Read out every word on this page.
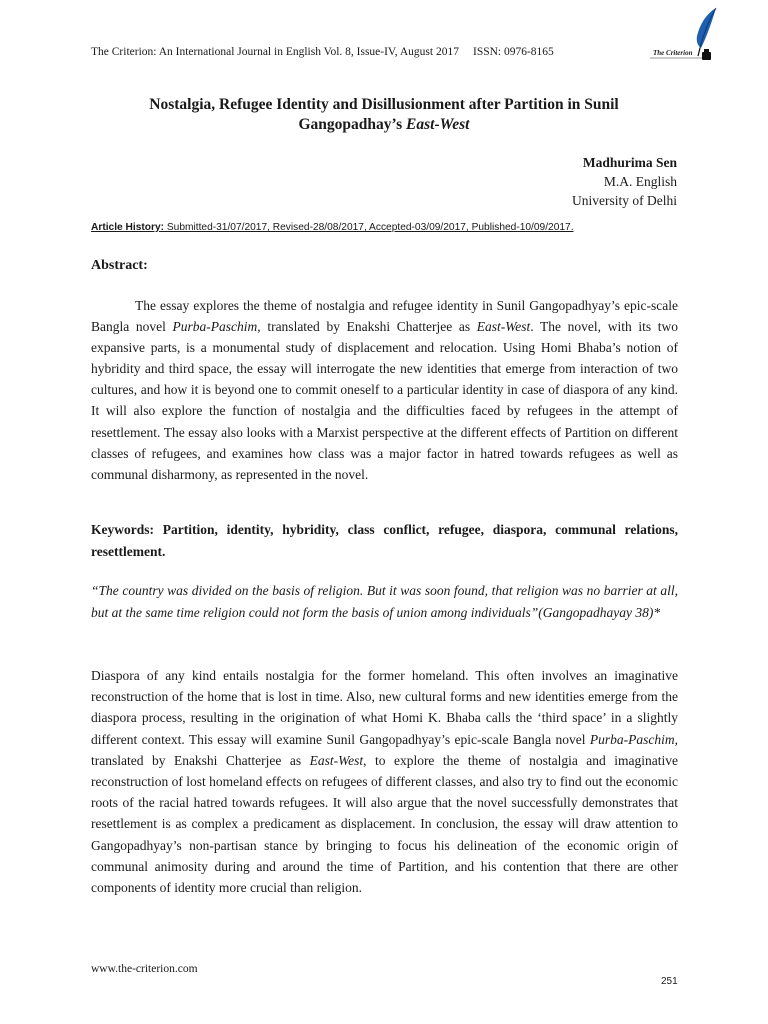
The Criterion: An International Journal in English Vol. 8, Issue-IV, August 2017 ISSN: 0976-8165	The Criterion
Nostalgia, Refugee Identity and Disillusionment after Partition in Sunil
Gangopadhay’s East-West
Madhurima Sen
M.A. English
University of Delhi
Article History: Submitted-31/07/2017, Revised-28/08/2017, Accepted-03/09/2017, Published-10/09/2017.
Abstract:

The essay explores the theme of nostalgia and refugee identity in Sunil Gangopadhyay’s epic-scale Bangla novel Purba-Paschim, translated by Enakshi Chatterjee as East-West. The novel, with its two expansive parts, is a monumental study of displacement and relocation. Using Homi Bhaba’s notion of hybridity and third space, the essay will interrogate the new identities that emerge from interaction of two cultures, and how it is beyond one to commit oneself to a particular identity in case of diaspora of any kind. It will also explore the function of nostalgia and the difficulties faced by refugees in the attempt of resettlement. The essay also looks with a Marxist perspective at the different effects of Partition on different classes of refugees, and examines how class was a major factor in hatred towards refugees as well as communal disharmony, as represented in the novel.

Keywords: Partition, identity, hybridity, class conflict, refugee, diaspora, communal relations, resettlement.

“The country was divided on the basis of religion. But it was soon found, that religion was no barrier at all, but at the same time religion could not form the basis of union among individuals”(Gangopadhayay 38)*

Diaspora of any kind entails nostalgia for the former homeland. This often involves an imaginative reconstruction of the home that is lost in time. Also, new cultural forms and new identities emerge from the diaspora process, resulting in the origination of what Homi K. Bhaba calls the ‘third space’ in a slightly different context. This essay will examine Sunil Gangopadhyay’s epic-scale Bangla novel Purba-Paschim, translated by Enakshi Chatterjee as East-West, to explore the theme of nostalgia and imaginative reconstruction of lost homeland effects on refugees of different classes, and also try to find out the economic roots of the racial hatred towards refugees. It will also argue that the novel successfully demonstrates that resettlement is as complex a predicament as displacement. In conclusion, the essay will draw attention to Gangopadhyay’s non-partisan stance by bringing to focus his delineation of the economic origin of communal animosity during and around the time of Partition, and his contention that there are other components of identity more crucial than religion.

www.the-criterion.com
251
